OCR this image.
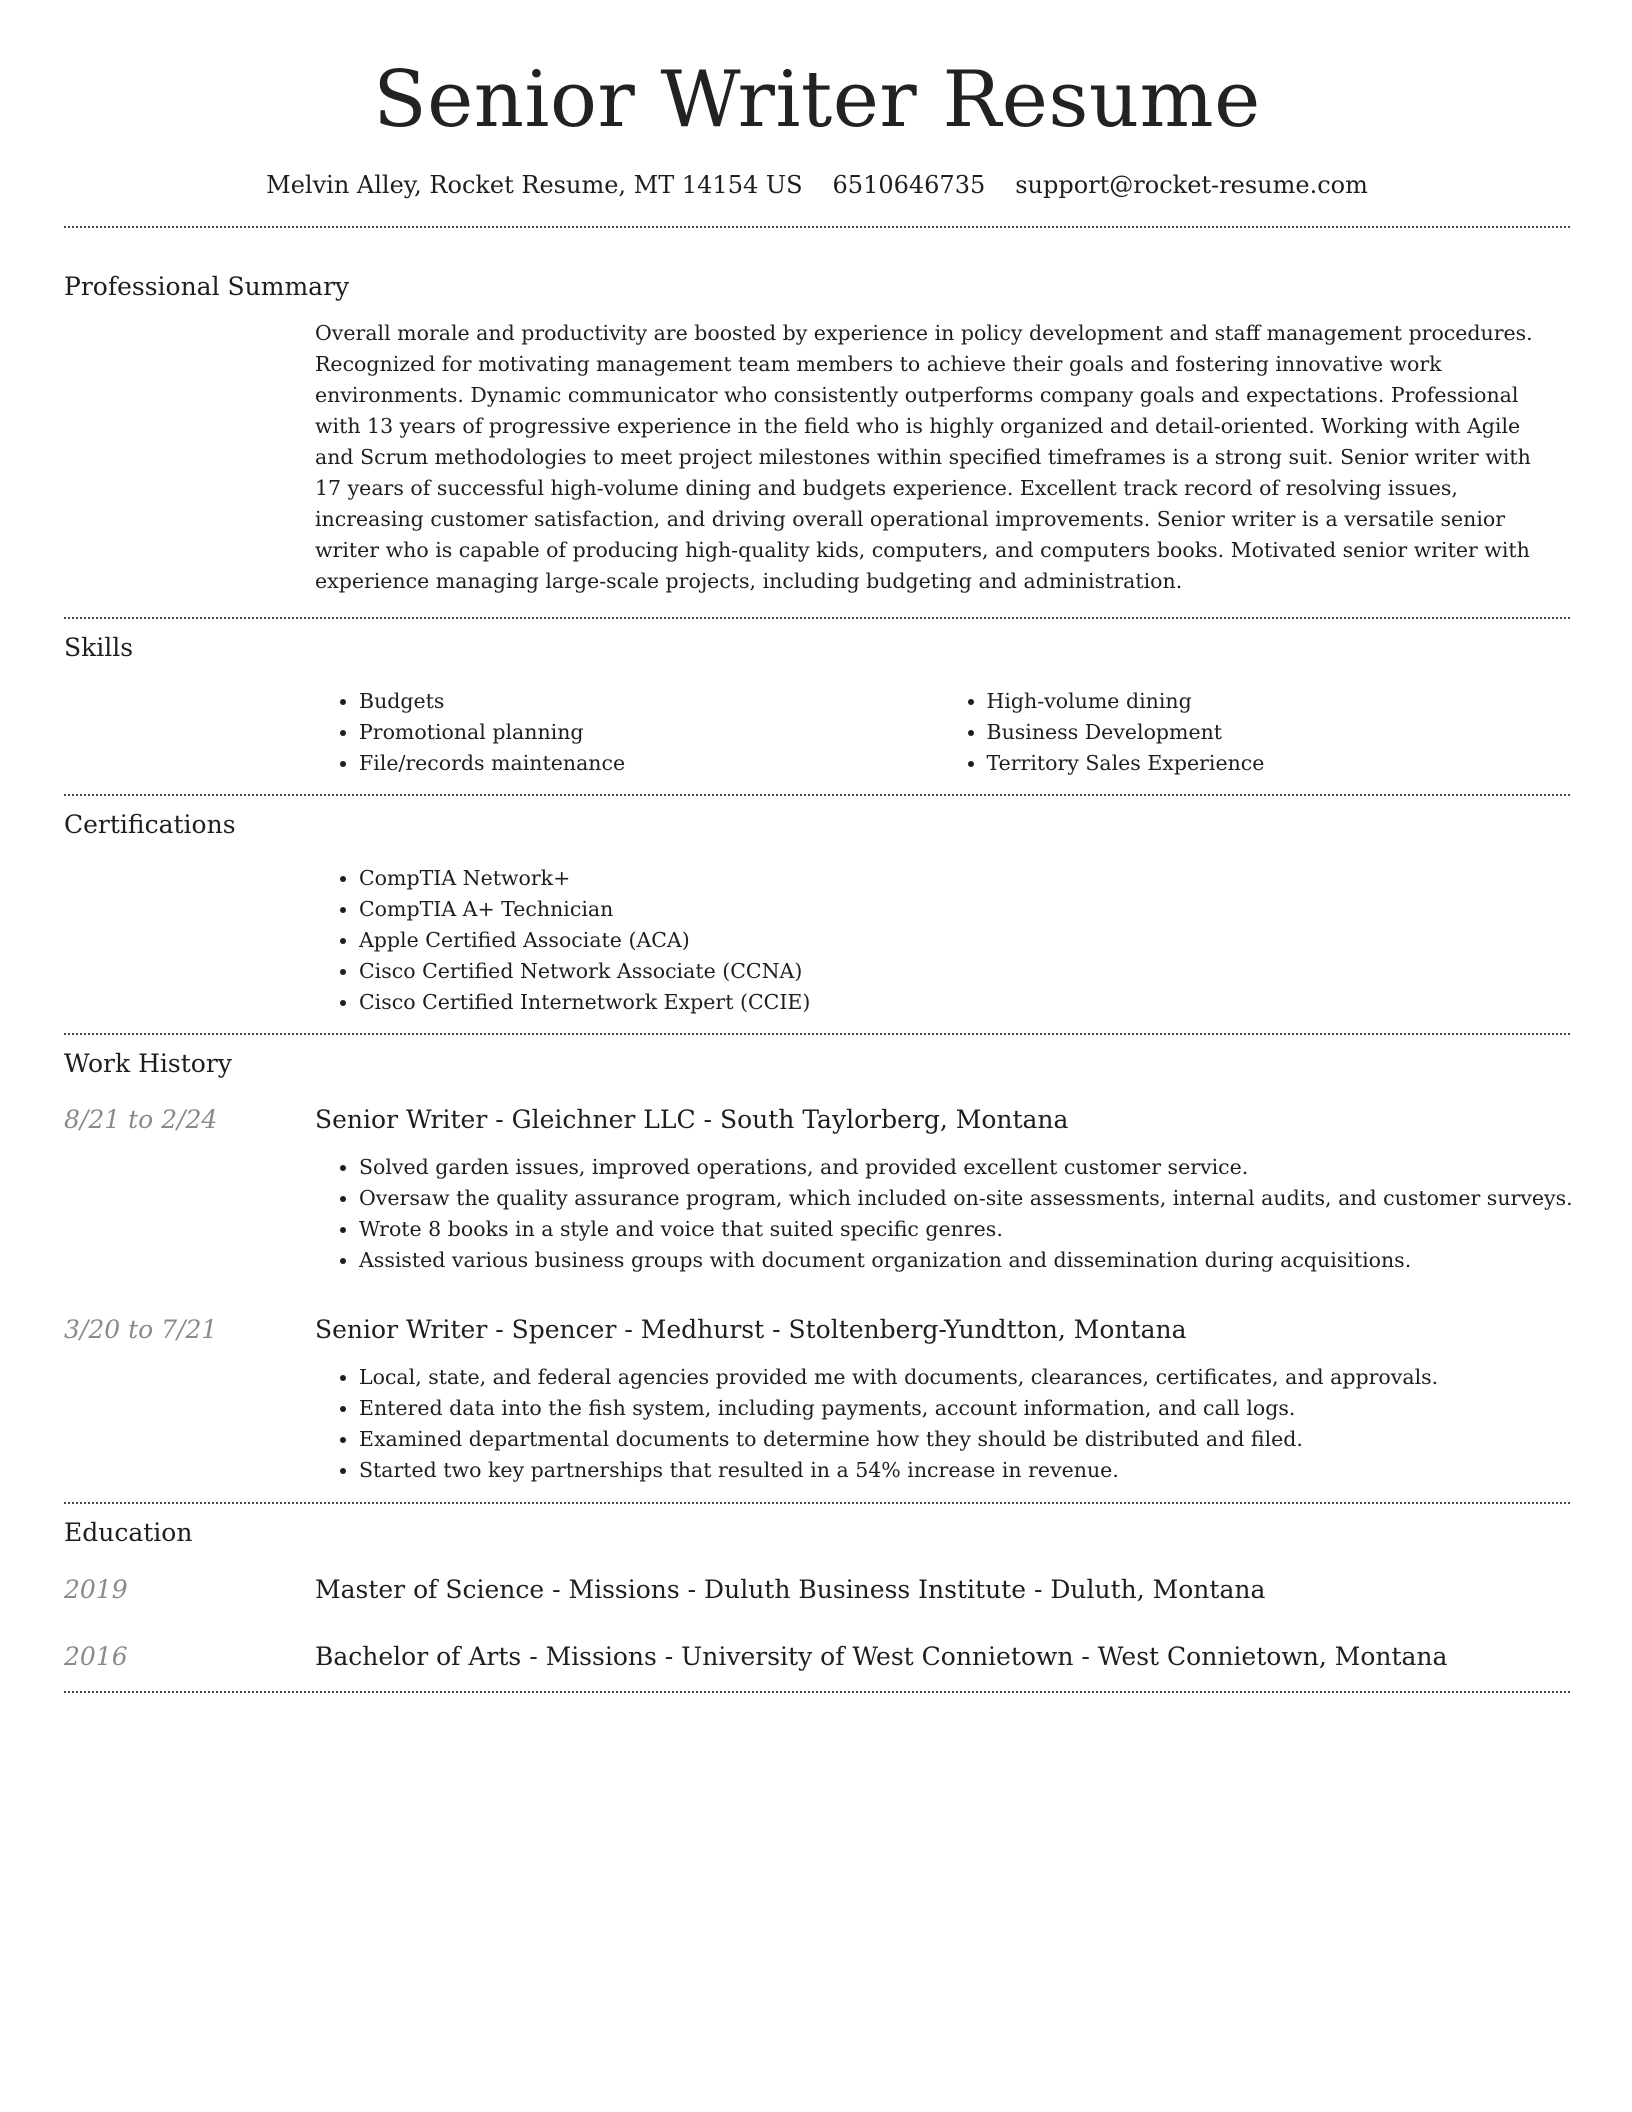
Senior Writer Resume
Melvin Alley, Rocket Resume, MT 14154 US 6510646735 support@rocket-resume.com
Professional Summary

Overall morale and productivity are boosted by experience in policy development and staff management procedures. Recognized for motivating management team members to achieve their goals and fostering innovative work environments. Dynamic communicator who consistently outperforms company goals and expectations. Professional with 13 years of progressive experience in the field who is highly organized and detail-oriented. Working with Agile and Scrum methodologies to meet project milestones within specified timeframes is a strong suit. Senior writer with 17 years of successful high-volume dining and budgets experience. Excellent track record of resolving issues, increasing customer satisfaction, and driving overall operational improvements. Senior writer is a versatile senior writer who is capable of producing high-quality kids, computers, and computers books. Motivated senior writer with experience managing large-scale projects, including budgeting and administration.

Skills
• Budgets
• Promotional planning
• File/records maintenance
• High-volume dining
• Business Development
• Territory Sales Experience
Certifications
• CompTIA Network+
• CompTIA A+ Technician
• Apple Certified Associate (ACA)
• Cisco Certified Network Associate (CCNA)
• Cisco Certified Internetwork Expert (CCIE)
Work History
8/21 to 2/24	Senior Writer - Gleichner LLC - South Taylorberg, Montana
• Solved garden issues, improved operations, and provided excellent customer service.
• Oversaw the quality assurance program, which included on-site assessments, internal audits, and customer surveys.
• Wrote 8 books in a style and voice that suited specific genres.
• Assisted various business groups with document organization and dissemination during acquisitions.
3/20 to 7/21	Senior Writer - Spencer - Medhurst - Stoltenberg-Yundtton, Montana
• Local, state, and federal agencies provided me with documents, clearances, certificates, and approvals.
• Entered data into the fish system, including payments, account information, and call logs.
• Examined departmental documents to determine how they should be distributed and filed.
• Started two key partnerships that resulted in a 54% increase in revenue.
Education
2019	Master of Science - Missions - Duluth Business Institute - Duluth, Montana
2016	Bachelor of Arts - Missions - University of West Connietown - West Connietown, Montana
